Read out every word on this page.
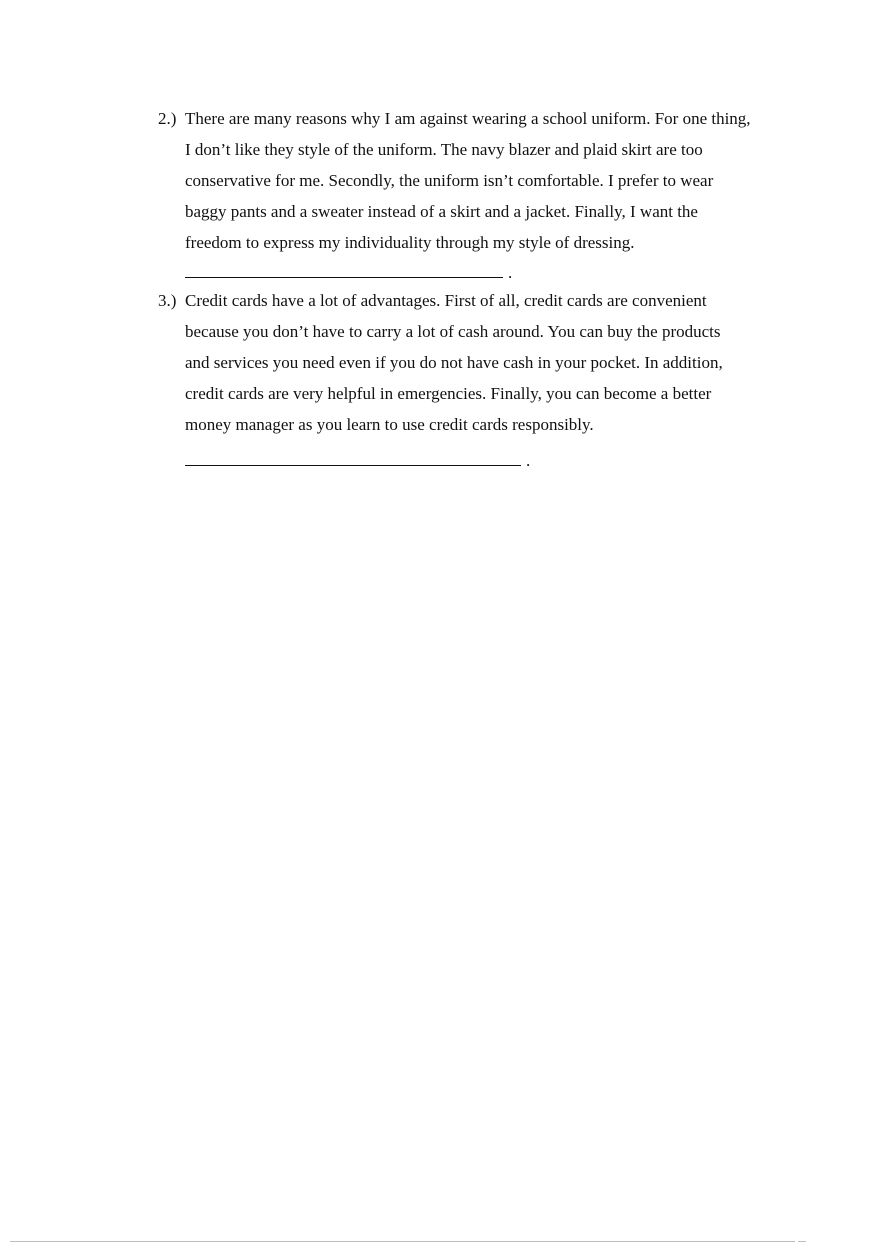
2.) There are many reasons why I am against wearing a school uniform. For one thing,
I don’t like they style of the uniform. The navy blazer and plaid skirt are too
conservative for me. Secondly, the uniform isn’t comfortable. I prefer to wear
baggy pants and a sweater instead of a skirt and a jacket. Finally, I want the
freedom to express my individuality through my style of dressing.
.
3.) Credit cards have a lot of advantages. First of all, credit cards are convenient
because you don’t have to carry a lot of cash around. You can buy the products
and services you need even if you do not have cash in your pocket. In addition,
credit cards are very helpful in emergencies. Finally, you can become a better
money manager as you learn to use credit cards responsibly.
.
